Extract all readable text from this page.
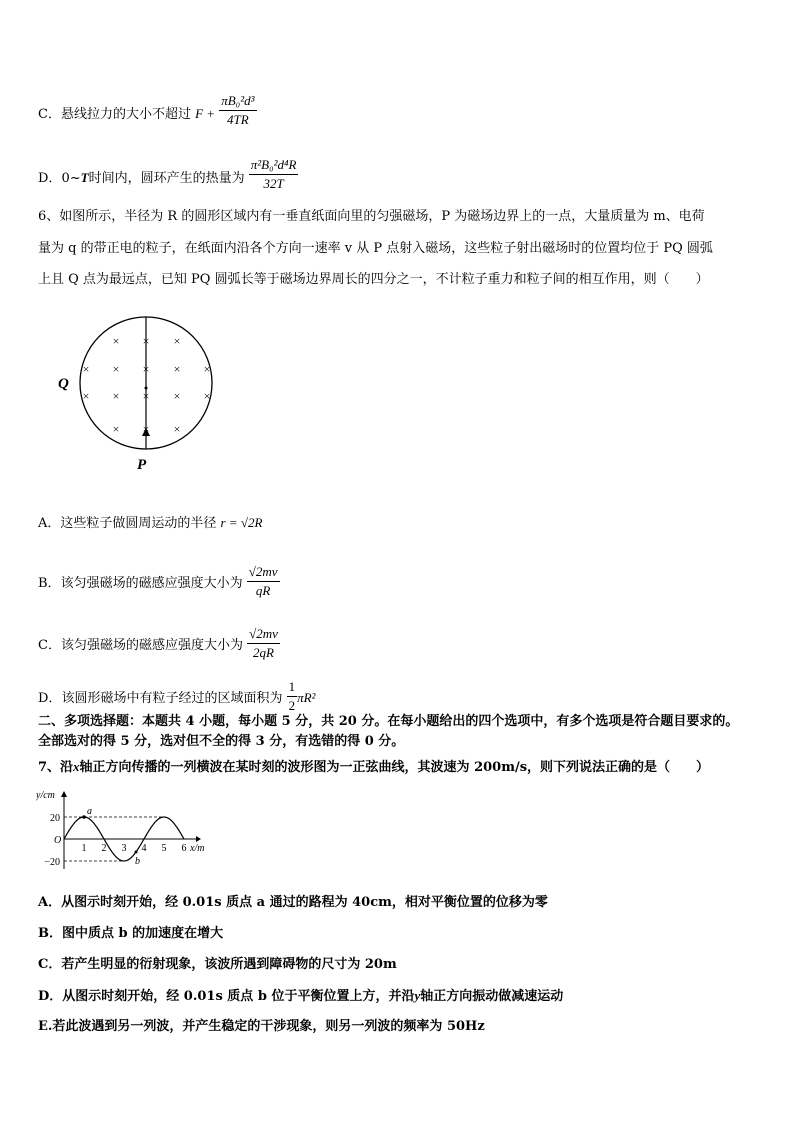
C．悬线拉力的大小不超过 $F + \frac{\text{πB₀²d³}}{4TR}$
D．0~T时间内，圆环产生的热量为 $\frac{\text{π²B₀²d⁴R}}{32T}$
6、如图所示，半径为 R 的圆形区域内有一垂直纸面向里的匀强磁场，P 为磁场边界上的一点，大量质量为 m、电荷
量为 q 的带正电的粒子，在纸面内沿各个方向一速率 v 从 P 点射入磁场，这些粒子射出磁场时的位置均位于 PQ 圆弧
上且 Q 点为最远点，已知 PQ 圆弧长等于磁场边界周长的四分之一，不计粒子重力和粒子间的相互作用，则（　　）
× × ×
× × × × ×
× × × × ×
× × ×
Q
P
A．这些粒子做圆周运动的半径 r = √2R
B．该匀强磁场的磁感应强度大小为 $\frac{√2mv}{qR}$
C．该匀强磁场的磁感应强度大小为 $\frac{√2mv}{2qR}$
D．该圆形磁场中有粒子经过的区域面积为 $\frac{1}{2} \pi R^2$
二、多项选择题：本题共 4 小题，每小题 5 分，共 20 分。在每小题给出的四个选项中，有多个选项是符合题目要求的。
全部选对的得 5 分，选对但不全的得 3 分，有选错的得 0 分。
7、沿x轴正方向传播的一列横波在某时刻的波形图为一正弦曲线，其波速为 200m/s，则下列说法正确的是（　　）
1 2 3 4 5 6
20
−20
O
y/cm
x/m
a
b
A．从图示时刻开始，经 0.01s 质点 a 通过的路程为 40cm，相对平衡位置的位移为零
B．图中质点 b 的加速度在增大
C．若产生明显的衍射现象，该波所遇到障碍物的尺寸为 20m
D．从图示时刻开始，经 0.01s 质点 b 位于平衡位置上方，并沿y轴正方向振动做减速运动
E.若此波遇到另一列波，并产生稳定的干涉现象，则另一列波的频率为 50Hz
